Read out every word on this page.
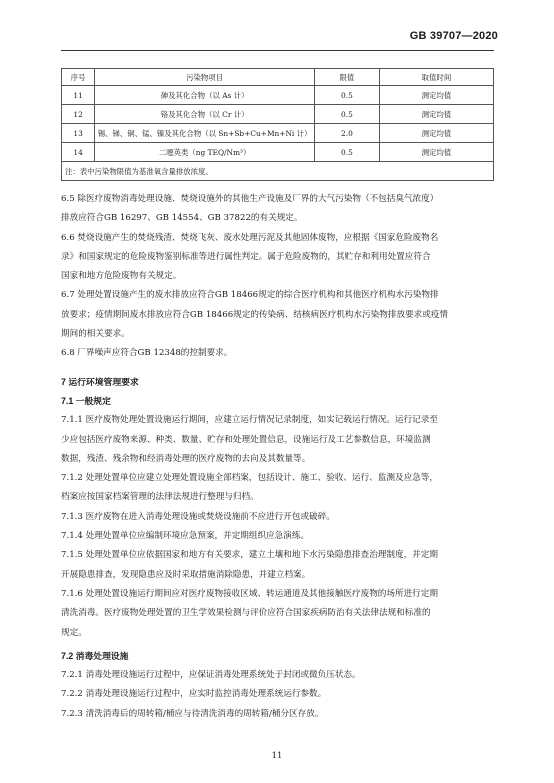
GB 39707—2020
序号	污染物项目	限值	取值时间
11	砷及其化合物（以 As 计）	0.5	测定均值
12	铬及其化合物（以 Cr 计）	0.5	测定均值
13	锡、锑、铜、锰、镍及其化合物（以 Sn+Sb+Cu+Mn+Ni 计）	2.0	测定均值
14	二噁英类（ng TEQ/Nm³）	0.5	测定均值
注：表中污染物限值为基准氧含量排放浓度。			

6.5 除医疗废物消毒处理设施、焚烧设施外的其他生产设施及厂界的大气污染物（不包括臭气浓度）

排放应符合GB 16297、GB 14554、GB 37822的有关规定。

6.6 焚烧设施产生的焚烧残渣、焚烧飞灰、废水处理污泥及其他固体废物，应根据《国家危险废物名

录》和国家规定的危险废物鉴别标准等进行属性判定。属于危险废物的，其贮存和利用处置应符合

国家和地方危险废物有关规定。

6.7 处理处置设施产生的废水排放应符合GB 18466规定的综合医疗机构和其他医疗机构水污染物排

放要求；疫情期间废水排放应符合GB 18466规定的传染病、结核病医疗机构水污染物排放要求或疫情

期间的相关要求。

6.8 厂界噪声应符合GB 12348的控制要求。

7 运行环境管理要求

7.1 一般规定

7.1.1 医疗废物处理处置设施运行期间，应建立运行情况记录制度，如实记载运行情况。运行记录至

少应包括医疗废物来源、种类、数量、贮存和处理处置信息，设施运行及工艺参数信息，环境监测

数据，残渣、残余物和经消毒处理的医疗废物的去向及其数量等。

7.1.2 处理处置单位应建立处理处置设施全部档案，包括设计、施工、验收、运行、监测及应急等，

档案应按国家档案管理的法律法规进行整理与归档。

7.1.3 医疗废物在进入消毒处理设施或焚烧设施前不应进行开包或破碎。

7.1.4 处理处置单位应编制环境应急预案，并定期组织应急演练。

7.1.5 处理处置单位应依据国家和地方有关要求，建立土壤和地下水污染隐患排查治理制度，并定期

开展隐患排查，发现隐患应及时采取措施消除隐患，并建立档案。

7.1.6 处理处置设施运行期间应对医疗废物接收区域、转运通道及其他接触医疗废物的场所进行定期

清洗消毒。医疗废物处理处置的卫生学效果检测与评价应符合国家疾病防治有关法律法规和标准的

规定。

7.2 消毒处理设施

7.2.1 消毒处理设施运行过程中，应保证消毒处理系统处于封闭或微负压状态。

7.2.2 消毒处理设施运行过程中，应实时监控消毒处理系统运行参数。

7.2.3 清洗消毒后的周转箱/桶应与待清洗消毒的周转箱/桶分区存放。

11
